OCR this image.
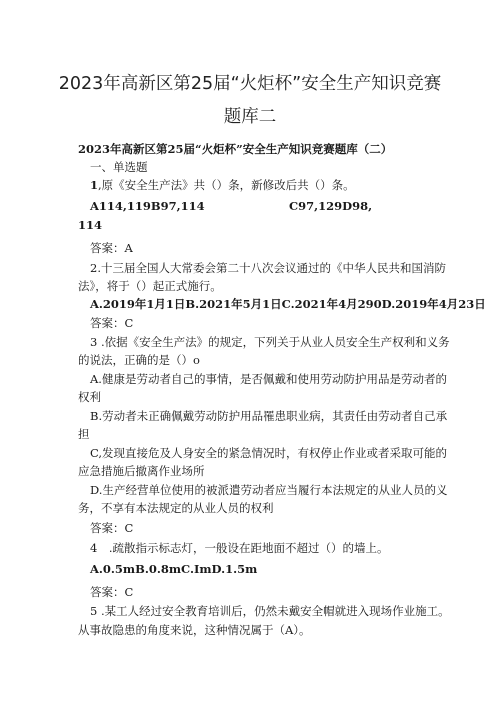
2023年高新区第25届“火炬杯”安全生产知识竞赛
题库二
2023年高新区第25届“火炬杯”安全生产知识竞赛题库（二）
一、单选题
1,原《安全生产法》共（）条，新修改后共（）条。
A114,119B97,114	C97,129D98,
114
答案：A
2.十三届全国人大常委会第二十八次会议通过的《中华人民共和国消防
法》，将于（）起正式施行。
A.2019年1月1日B.2021年5月1日C.2021年4月290D.2019年4月23日
答案：C
3 .依据《安全生产法》的规定，下列关于从业人员安全生产权利和义务
的说法，正确的是（）o
A.健康是劳动者自己的事情，是否佩戴和使用劳动防护用品是劳动者的
权利
B.劳动者未正确佩戴劳动防护用品罹患职业病，其责任由劳动者自己承
担
C,发现直接危及人身安全的紧急情况时，有权停止作业或者采取可能的
应急措施后撤离作业场所
D.生产经营单位使用的被派遣劳动者应当履行本法规定的从业人员的义
务，不享有本法规定的从业人员的权利
答案：C
4　.疏散指示标志灯，一般设在距地面不超过（）的墙上。
A.0.5mB.0.8mC.ImD.1.5m
答案：C
5 .某工人经过安全教育培训后，仍然未戴安全帽就进入现场作业施工。
从事故隐患的角度来说，这种情况属于（A）。
